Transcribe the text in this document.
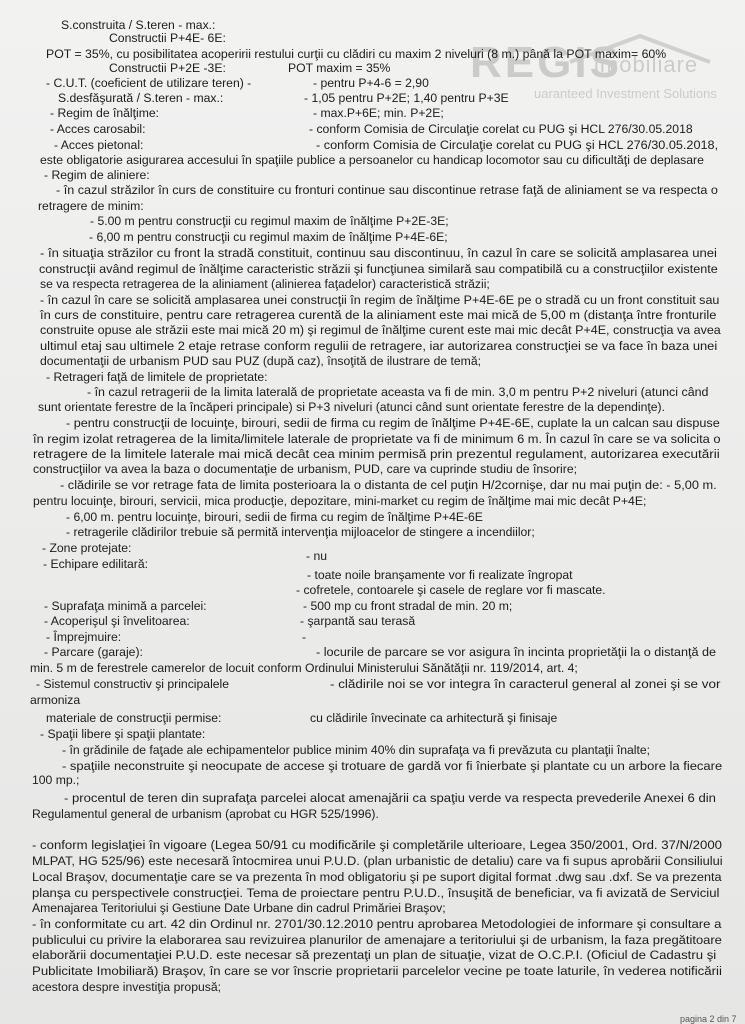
REGIS
imobiliare
uaranteed Investment Solutions
S.construita / S.teren - max.:
Constructii P+4E- 6E:
POT = 35%, cu posibilitatea acoperirii restului curţii cu clădiri cu maxim 2 niveluri (8 m.) până la POT maxim= 60%
Constructii P+2E -3E:	POT maxim = 35%
- C.U.T. (coeficient de utilizare teren) -	- pentru P+4-6 = 2,90
S.desfăşurată / S.teren - max.:	- 1,05 pentru P+2E; 1,40 pentru P+3E
- Regim de înălţime:	- max.P+6E; min. P+2E;
- Acces carosabil:	- conform Comisia de Circulaţie corelat cu PUG şi HCL 276/30.05.2018
- Acces pietonal:	- conform Comisia de Circulaţie corelat cu PUG şi HCL 276/30.05.2018,
este obligatorie asigurarea accesului în spaţiile publice a persoanelor cu handicap locomotor sau cu dificultăţi de deplasare
- Regim de aliniere:
- în cazul străzilor în curs de constituire cu fronturi continue sau discontinue retrase faţă de aliniament se va respecta o
retragere de minim:
- 5.00 m pentru construcţii cu regimul maxim de înălţime P+2E-3E;
- 6,00 m pentru construcţii cu regimul maxim de înălţime P+4E-6E;
- în situaţia străzilor cu front la stradă constituit, continuu sau discontinuu, în cazul în care se solicită amplasarea unei
construcţii având regimul de înălţime caracteristic străzii şi funcţiunea similară sau compatibilă cu a construcţiilor existente
se va respecta retragerea de la aliniament (alinierea faţadelor) caracteristică străzii;
- în cazul în care se solicită amplasarea unei construcţii în regim de înălţime P+4E-6E pe o stradă cu un front constituit sau
în curs de constituire, pentru care retragerea curentă de la aliniament este mai mică de 5,00 m (distanţa între fronturile
construite opuse ale străzii este mai mică 20 m) şi regimul de înălţime curent este mai mic decât P+4E, construcţia va avea
ultimul etaj sau ultimele 2 etaje retrase conform regulii de retragere, iar autorizarea construcţiei se va face în baza unei
documentaţii de urbanism PUD sau PUZ (după caz), însoţită de ilustrare de temă;
- Retrageri faţă de limitele de proprietate:
- în cazul retragerii de la limita laterală de proprietate aceasta va fi de min. 3,0 m pentru P+2 niveluri (atunci când
sunt orientate ferestre de la încăperi principale) si P+3 niveluri (atunci când sunt orientate ferestre de la dependinţe).
- pentru construcţii de locuinţe, birouri, sedii de firma cu regim de înălţime P+4E-6E, cuplate la un calcan sau dispuse
în regim izolat retragerea de la limita/limitele laterale de proprietate va fi de minimum 6 m. În cazul în care se va solicita o
retragere de la limitele laterale mai mică decât cea minim permisă prin prezentul regulament, autorizarea executării
construcţiilor va avea la baza o documentaţie de urbanism, PUD, care va cuprinde studiu de însorire;
- clădirile se vor retrage fata de limita posterioara la o distanta de cel puţin H/2cornişe, dar nu mai puţin de: - 5,00 m.
pentru locuinţe, birouri, servicii, mica producţie, depozitare, mini-market cu regim de înălţime mai mic decât P+4E;
- 6,00 m. pentru locuinţe, birouri, sedii de firma cu regim de înălţime P+4E-6E
- retragerile clădirilor trebuie să permită intervenţia mijloacelor de stingere a incendiilor;
- Zone protejate:
- nu
- Echipare edilitară:
- toate noile branşamente vor fi realizate îngropat
- cofretele, contoarele şi casele de reglare vor fi mascate.
- Suprafaţa minimă a parcelei:	- 500 mp cu front stradal de min. 20 m;
- Acoperişul şi învelitoarea:	- şarpantă sau terasă
- Împrejmuire:	-
- Parcare (garaje):	- locurile de parcare se vor asigura în incinta proprietăţii la o distanţă de
min. 5 m de ferestrele camerelor de locuit conform Ordinului Ministerului Sănătăţii nr. 119/2014, art. 4;
- Sistemul constructiv şi principalele	- clădirile noi se vor integra în caracterul general al zonei şi se vor
armoniza
materiale de construcţii permise:	cu clădirile învecinate ca arhitectură şi finisaje
- Spaţii libere şi spaţii plantate:
- în grădinile de faţade ale echipamentelor publice minim 40% din suprafaţa va fi prevăzuta cu plantaţii înalte;
- spaţiile neconstruite şi neocupate de accese şi trotuare de gardă vor fi înierbate şi plantate cu un arbore la fiecare
100 mp.;
- procentul de teren din suprafaţa parcelei alocat amenajării ca spaţiu verde va respecta prevederile Anexei 6 din
Regulamentul general de urbanism (aprobat cu HGR 525/1996).
- conform legislaţiei în vigoare (Legea 50/91 cu modificările şi completările ulterioare, Legea 350/2001, Ord. 37/N/2000
MLPAT, HG 525/96) este necesară întocmirea unui P.U.D. (plan urbanistic de detaliu) care va fi supus aprobării Consiliului
Local Braşov, documentaţie care se va prezenta în mod obligatoriu şi pe suport digital format .dwg sau .dxf. Se va prezenta
planşa cu perspectivele construcţiei. Tema de proiectare pentru P.U.D., însuşită de beneficiar, va fi avizată de Serviciul
Amenajarea Teritoriului şi Gestiune Date Urbane din cadrul Primăriei Braşov;
- în conformitate cu art. 42 din Ordinul nr. 2701/30.12.2010 pentru aprobarea Metodologiei de informare şi consultare a
publicului cu privire la elaborarea sau revizuirea planurilor de amenajare a teritoriului şi de urbanism, la faza pregătitoare
elaborării documentaţiei P.U.D. este necesar să prezentaţi un plan de situaţie, vizat de O.C.P.I. (Oficiul de Cadastru şi
Publicitate Imobiliară) Braşov, în care se vor înscrie proprietarii parcelelor vecine pe toate laturile, în vederea notificării
acestora despre investiţia propusă;
pagina 2 din 7
